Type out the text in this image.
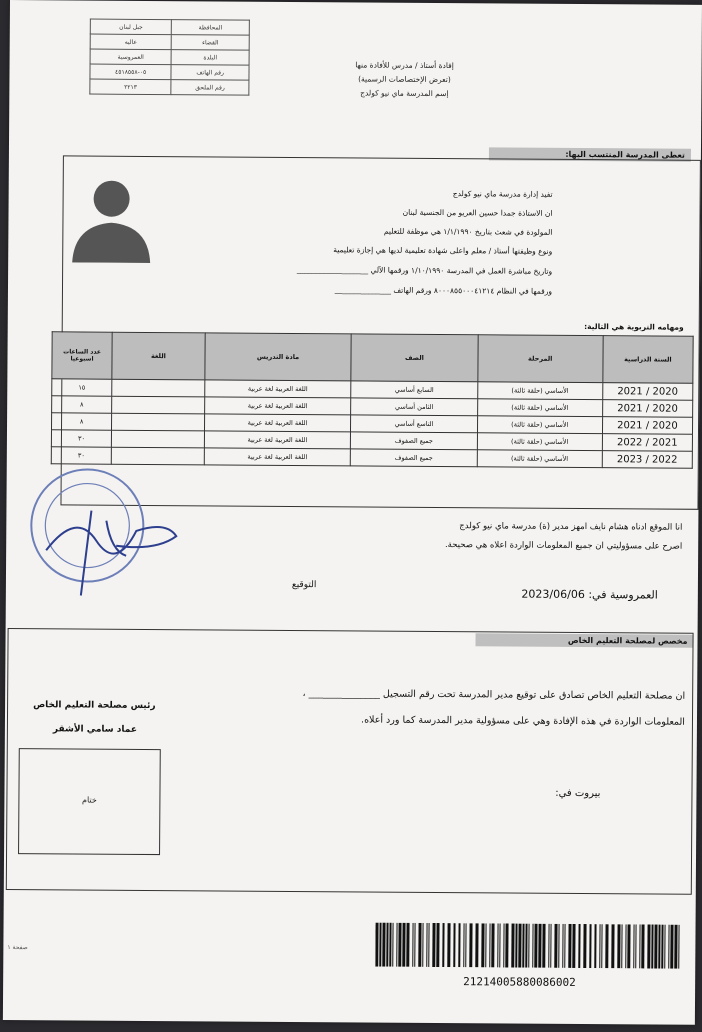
المحافظة	جبل لبنان
القضاء	عاليه
البلدة	العمروسية
رقم الهاتف	٠٥-٤٥١٨٥٥٨
رقم الملحق	٢٢١٣
إفادة أستاذ / مدرس للأفادة منها
(تعرض الإختصاصات الرسمية)
إسم المدرسة ماي نيو كولدج
تعطى المدرسة المنتسب اليها:
تفيد إدارة مدرسة ماي نيو كولدج
ان الاستاذة جمدا حسين العريو من الجنسية لبنان
المولودة في شعث بتاريخ ١/١/١٩٩٠ هي موظفة للتعليم
ونوع وظيفتها أستاذ / معلم واعلى شهادة تعليمية لديها هي إجازة تعليمية
وتاريخ مباشرة العمل في المدرسة ١/١٠/١٩٩٠ ورقمها الآلي ___________________
ورقمها في النظام ٨٠٠٠٨٥٥٠٠٠٤١٢١٤ ورقم الهاتف _______________
ومهامه التربوية هي التالية:
السنة الدراسية	المرحلة	الصف	مادة التدريس	اللغة	عدد الساعات اسبوعيا
2020 / 2021	الأساسي (حلقة ثالثة)	السابع أساسي	اللغة العربية لغة عربية		١٥
2020 / 2021	الأساسي (حلقة ثالثة)	الثامن أساسي	اللغة العربية لغة عربية		٨
2020 / 2021	الأساسي (حلقة ثالثة)	التاسع أساسي	اللغة العربية لغة عربية		٨
2021 / 2022	الأساسي (حلقة ثالثة)	جميع الصفوف	اللغة العربية لغة عربية		٣٠
2022 / 2023	الأساسي (حلقة ثالثة)	جميع الصفوف	اللغة العربية لغة عربية		٣٠
انا الموقع ادناه هشام نايف امهز مدير (ة) مدرسة ماي نيو كولدج
اصرح على مسؤوليتي ان جميع المعلومات الواردة اعلاه هي صحيحة.
التوقيع
العمروسية في: 2023/06/06
مخصص لمصلحة التعليم الخاص
ان مصلحة التعليم الخاص تصادق على توقيع مدير المدرسة تحت رقم التسجيل _______________ ،
المعلومات الواردة في هذه الإفادة وهي على مسؤولية مدير المدرسة كما ورد أعلاه.
رئيس مصلحة التعليم الخاص
عماد سامي الأشقر
ختام
بيروت في:
صفحة ١
21214005880086002
